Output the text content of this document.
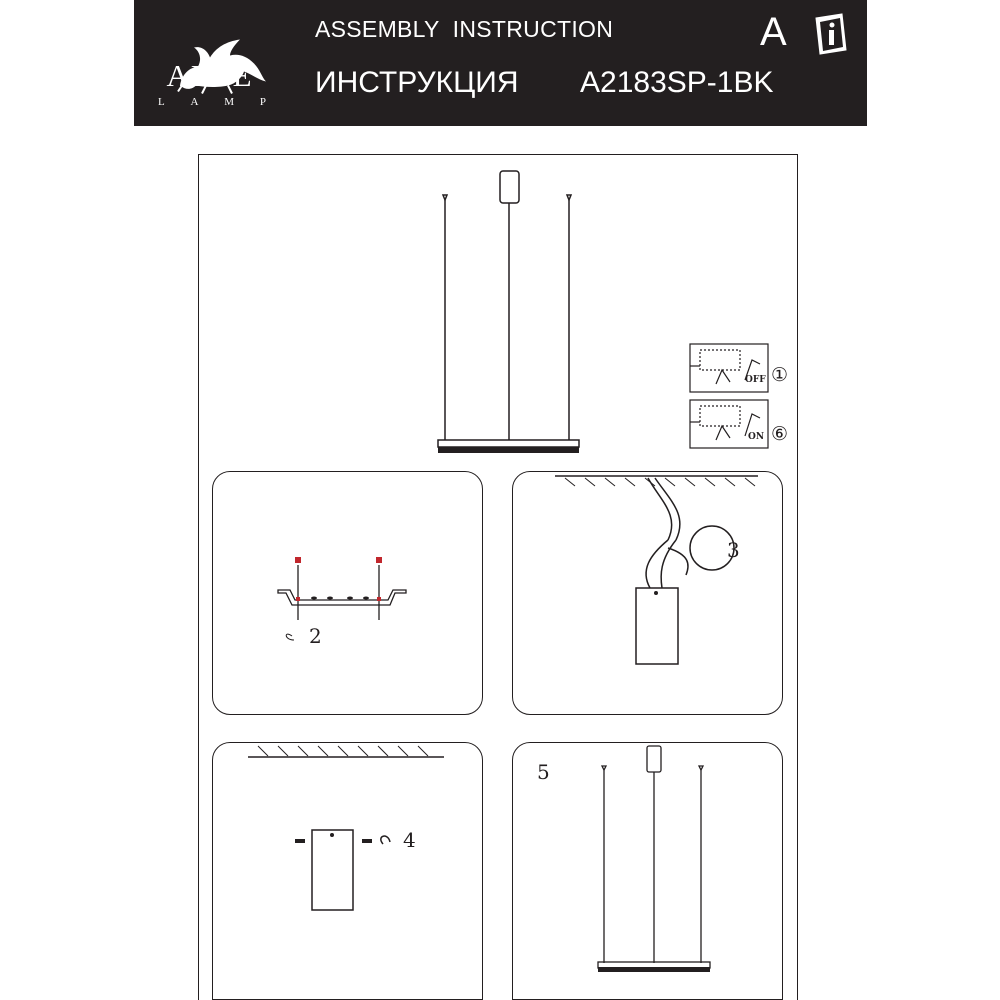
ARTE
L A M P
ASSEMBLY  INSTRUCTION
ИНСТРУКЦИЯ A2183SP-1BK
A
OFF ①
ON ⑥
2
3
4
5
